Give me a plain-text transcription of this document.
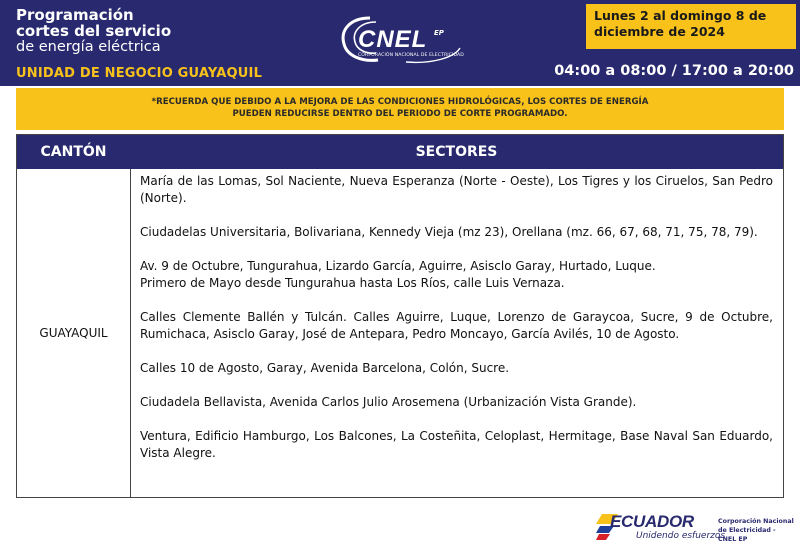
Programación
cortes del servicio
de energía eléctrica
UNIDAD DE NEGOCIO GUAYAQUIL
CNEL EP
CORPORACIÓN NACIONAL DE ELECTRICIDAD
Lunes 2 al domingo 8 de
diciembre de 2024
04:00 a 08:00 / 17:00 a 20:00
*RECUERDA QUE DEBIDO A LA MEJORA DE LAS CONDICIONES HIDROLÓGICAS, LOS CORTES DE ENERGÍA
PUEDEN REDUCIRSE DENTRO DEL PERIODO DE CORTE PROGRAMADO.
CANTÓN	SECTORES
GUAYAQUIL
María de las Lomas, Sol Naciente, Nueva Esperanza (Norte - Oeste), Los Tigres y los Ciruelos, San Pedro (Norte).
Ciudadelas Universitaria, Bolivariana, Kennedy Vieja (mz 23), Orellana (mz. 66, 67, 68, 71, 75, 78, 79).
Av. 9 de Octubre, Tungurahua, Lizardo García, Aguirre, Asisclo Garay, Hurtado, Luque.
Primero de Mayo desde Tungurahua hasta Los Ríos, calle Luis Vernaza.
Calles Clemente Ballén y Tulcán. Calles Aguirre, Luque, Lorenzo de Garaycoa, Sucre, 9 de Octubre, Rumichaca, Asisclo Garay, José de Antepara, Pedro Moncayo, García Avilés, 10 de Agosto.
Calles 10 de Agosto, Garay, Avenida Barcelona, Colón, Sucre.
Ciudadela Bellavista, Avenida Carlos Julio Arosemena (Urbanización Vista Grande).
Ventura, Edificio Hamburgo, Los Balcones, La Costeñita, Celoplast, Hermitage, Base Naval San Eduardo, Vista Alegre.
ECUADOR
Unidendo esfuerzos
Corporación Nacional
de Electricidad - CNEL EP
